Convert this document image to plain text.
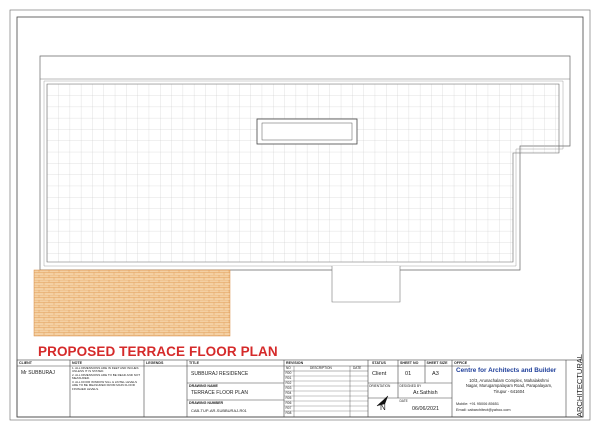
PROPOSED TERRACE FLOOR PLAN
CLIENT
Mr SUBBURAJ
NOTE
1. ALL DIMENSIONS ARE IN FEET AND INCHES UNLESS IT IS STATED.
2. ALL DIMENSIONS ARE TO BE READ AND NOT MEASURED.
3. ALL DOOR WINDOW SILL & LINTEL LEVELS ARE TO BE MEASURED FROM MAIN FLOOR FINISHED LEVELS.
LEGENDS	TITLE
SUBBURAJ RESIDENCE
DRAWING NAME
TERRACE FLOOR PLAN
DRAWING NUMBER
CAB-TUP-AR-SUBBURAJ-R01
REVISION
NO	DESCRIPTION	DATE
R00
R01
R02
R03
R04
R05
R06
R07
R08
STATUS
Client
SHEET NO
01
SHEET SIZE
A3
ORIENTATION	DESIGNED BY
Ar.Sathish
DATE
06/06/2021
N
OFFICE
Centre for Architects and Builder
10/3, Arunachalam Complex, Mahalakshmi
Nagar, Murugampalayam Road, Parapalayam,
Tirupur - 641604
Mobile: +91 95006 85651
Email: cabarchitect@yahoo.com	ARCHITECTURAL
